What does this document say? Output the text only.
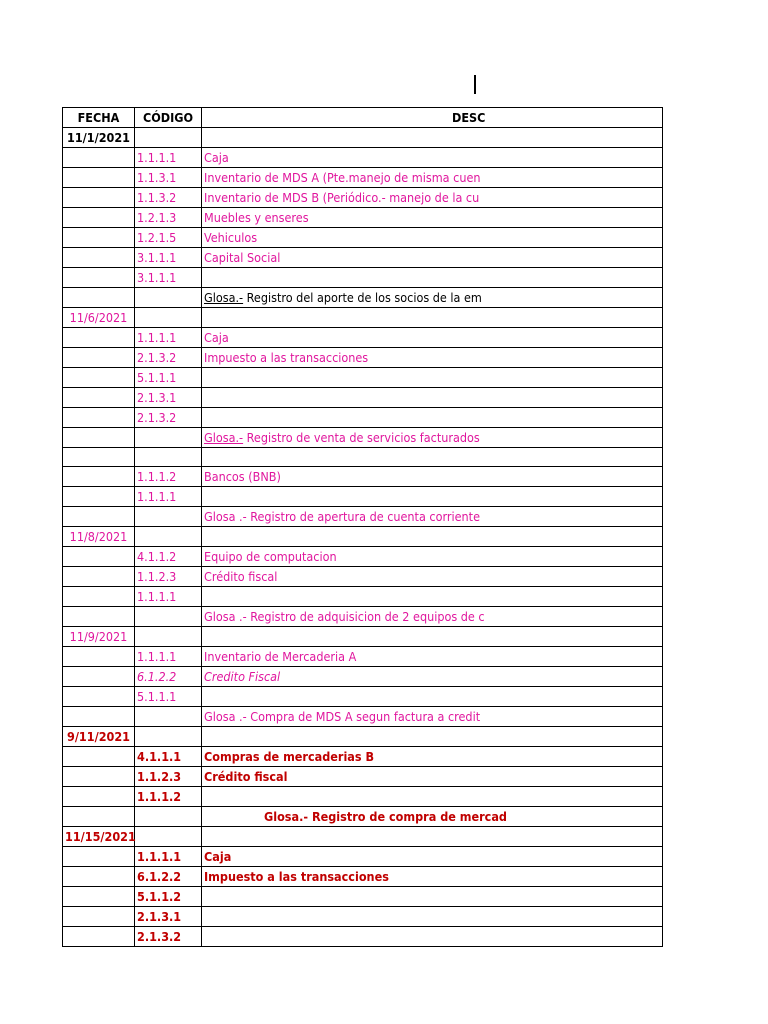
FECHA	CÓDIGO	DESC
11/1/2021		
	1.1.1.1	Caja
	1.1.3.1	Inventario de MDS A (Pte.manejo de misma cuen
	1.1.3.2	Inventario de MDS B (Periódico.- manejo de la cu
	1.2.1.3	Muebles y enseres
	1.2.1.5	Vehiculos
	3.1.1.1	Capital Social
	3.1.1.1	
		Glosa.- Registro del aporte de los socios de la em
11/6/2021		
	1.1.1.1	Caja
	2.1.3.2	Impuesto a las transacciones
	5.1.1.1	
	2.1.3.1	
	2.1.3.2	
		Glosa.- Registro de venta de servicios facturados

	1.1.1.2	Bancos (BNB)
	1.1.1.1	
		Glosa .- Registro de apertura de cuenta corriente
11/8/2021		
	4.1.1.2	Equipo de computacion
	1.1.2.3	Crédito fiscal
	1.1.1.1	
		Glosa .- Registro de adquisicion de 2 equipos de c
11/9/2021		
	1.1.1.1	Inventario de Mercaderia A
	6.1.2.2	Credito Fiscal
	5.1.1.1	
		Glosa .- Compra de MDS A segun factura a credit
9/11/2021		
	4.1.1.1	Compras de mercaderias B
	1.1.2.3	Crédito fiscal
	1.1.1.2	
		Glosa.- Registro de compra de mercad
11/15/2021		
	1.1.1.1	Caja
	6.1.2.2	Impuesto a las transacciones
	5.1.1.2	
	2.1.3.1	
	2.1.3.2	
